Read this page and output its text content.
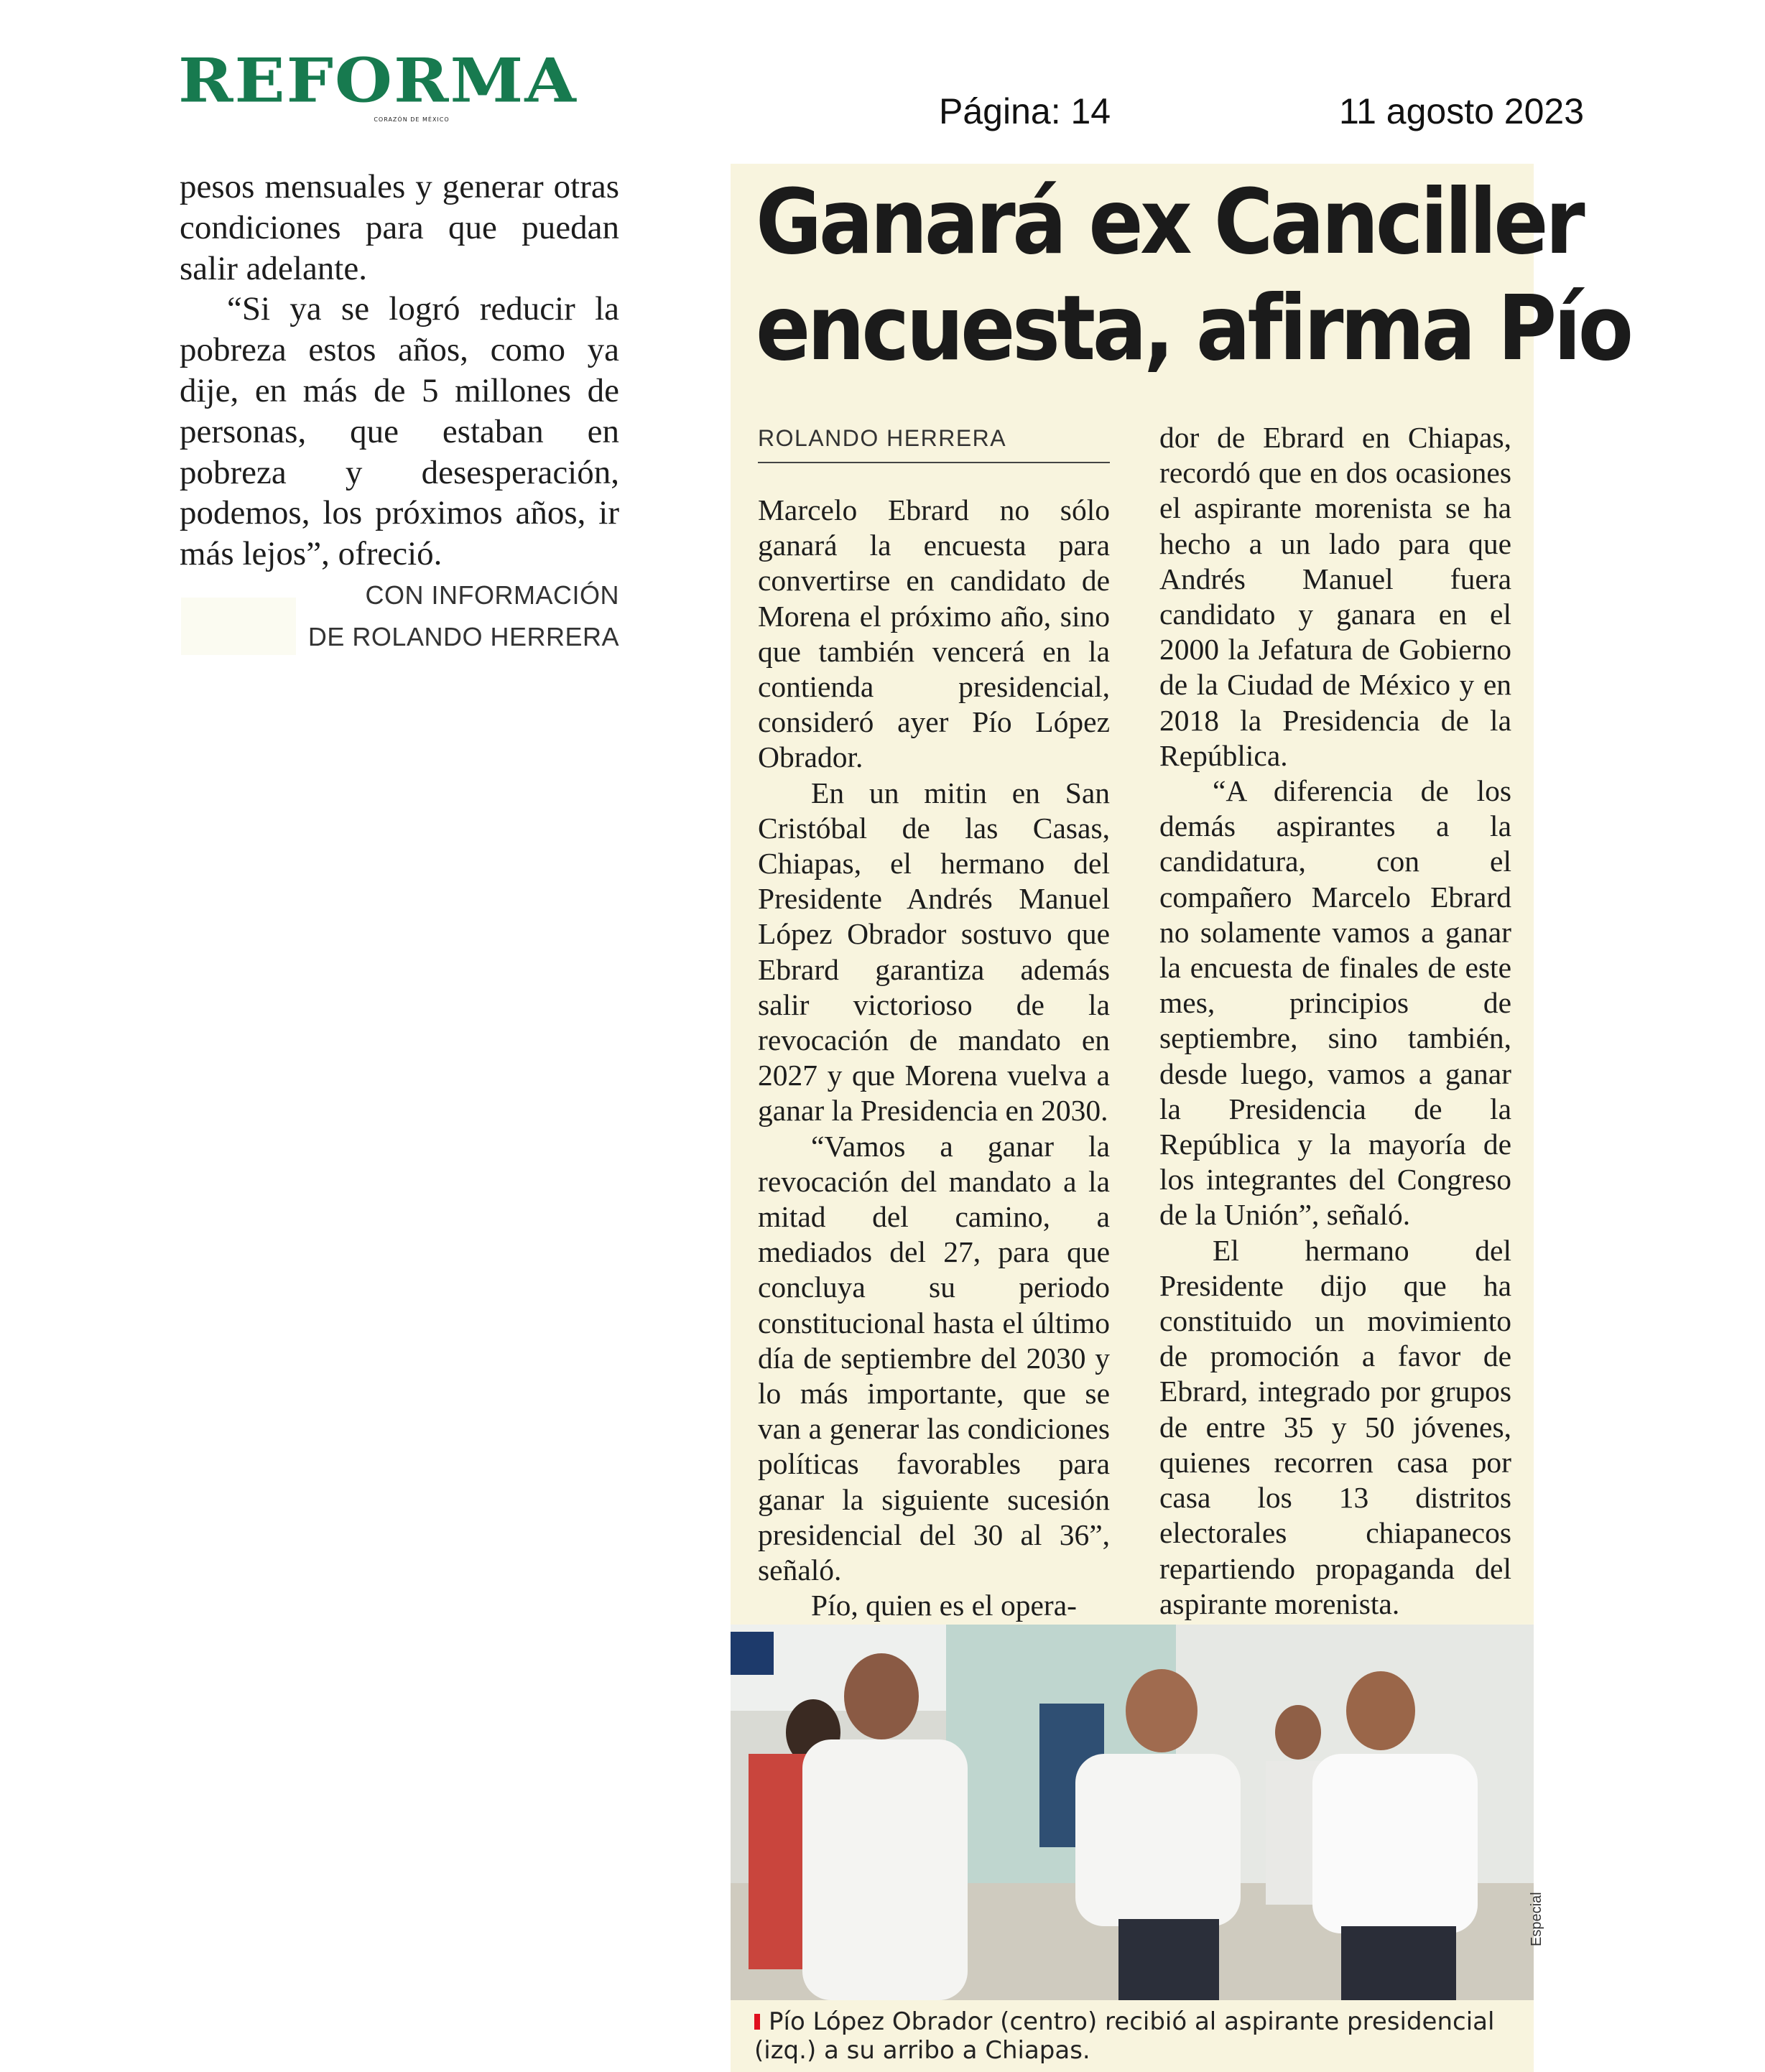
REFORMA
CORAZÓN DE MÉXICO	Página: 14	11 agosto 2023

pesos mensuales y generar otras condiciones para que puedan salir adelante.

“Si ya se logró reducir la pobreza estos años, como ya dije, en más de 5 millones de personas, que estaban en pobreza y desesperación, podemos, los próximos años, ir más lejos”, ofreció.

CON INFORMACIÓN
DE ROLANDO HERRERA
Ganará ex Canciller
encuesta, afirma Pío
ROLANDO HERRERA

Marcelo Ebrard no sólo ganará la encuesta para convertirse en candidato de Morena el próximo año, sino que también vencerá en la contienda presidencial, consideró ayer Pío López Obrador.

En un mitin en San Cristóbal de las Casas, Chiapas, el hermano del Presidente Andrés Manuel López Obrador sostuvo que Ebrard garantiza además salir victorioso de la revocación de mandato en 2027 y que Morena vuelva a ganar la Presidencia en 2030.

“Vamos a ganar la revocación del mandato a la mitad del camino, a mediados del 27, para que concluya su periodo constitucional hasta el último día de septiembre del 2030 y lo más importante, que se van a generar las condiciones políticas favorables para ganar la siguiente sucesión presidencial del 30 al 36”, señaló.

Pío, quien es el opera-

dor de Ebrard en Chiapas, recordó que en dos ocasiones el aspirante morenista se ha hecho a un lado para que Andrés Manuel fuera candidato y ganara en el 2000 la Jefatura de Gobierno de la Ciudad de México y en 2018 la Presidencia de la República.

“A diferencia de los demás aspirantes a la candidatura, con el compañero Marcelo Ebrard no solamente vamos a ganar la encuesta de finales de este mes, principios de septiembre, sino también, desde luego, vamos a ganar la Presidencia de la República y la mayoría de los integrantes del Congreso de la Unión”, señaló.

El hermano del Presidente dijo que ha constituido un movimiento de promoción a favor de Ebrard, integrado por grupos de entre 35 y 50 jóvenes, quienes recorren casa por casa los 13 distritos electorales chiapanecos repartiendo propaganda del aspirante morenista.

Especial
Pío López Obrador (centro) recibió al aspirante presidencial (izq.) a su arribo a Chiapas.
